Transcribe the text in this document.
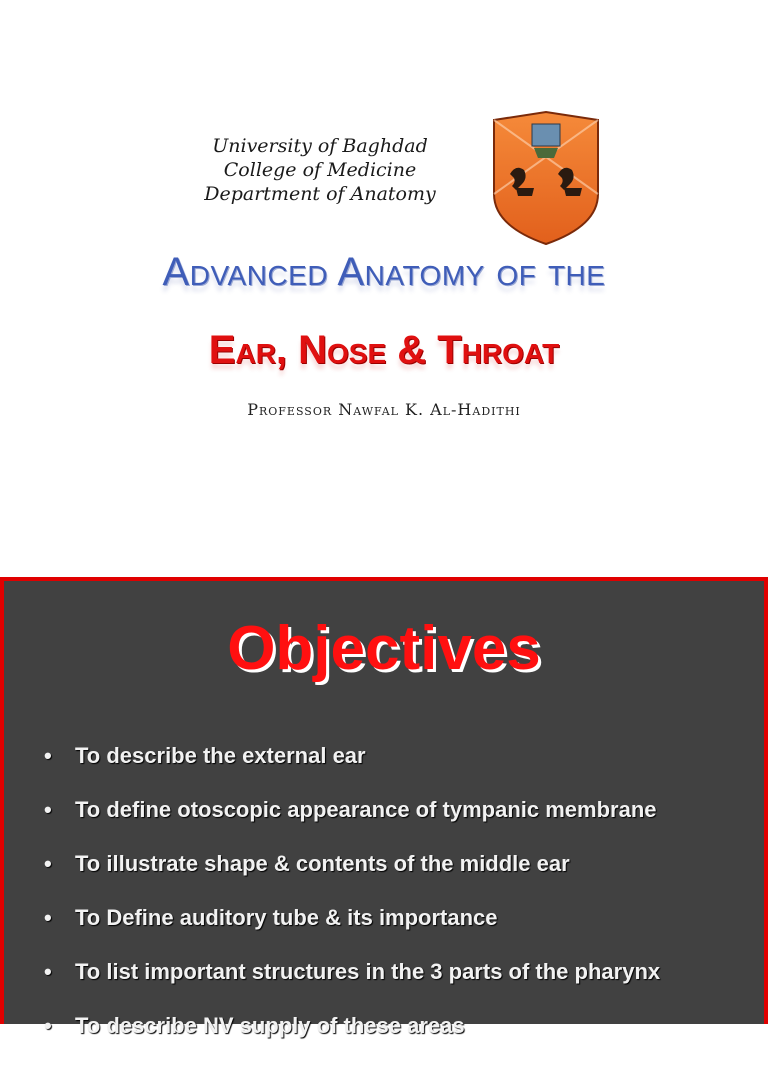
University of Baghdad
College of Medicine
Department of Anatomy
Advanced Anatomy of the
Ear, Nose & Throat
Professor Nawfal K. Al-Hadithi
Objectives
• To describe the external ear
• To define otoscopic appearance of tympanic membrane
• To illustrate shape & contents of the middle ear
• To Define auditory tube & its importance
• To list important structures in the 3 parts of the pharynx
• To describe NV supply of these areas
